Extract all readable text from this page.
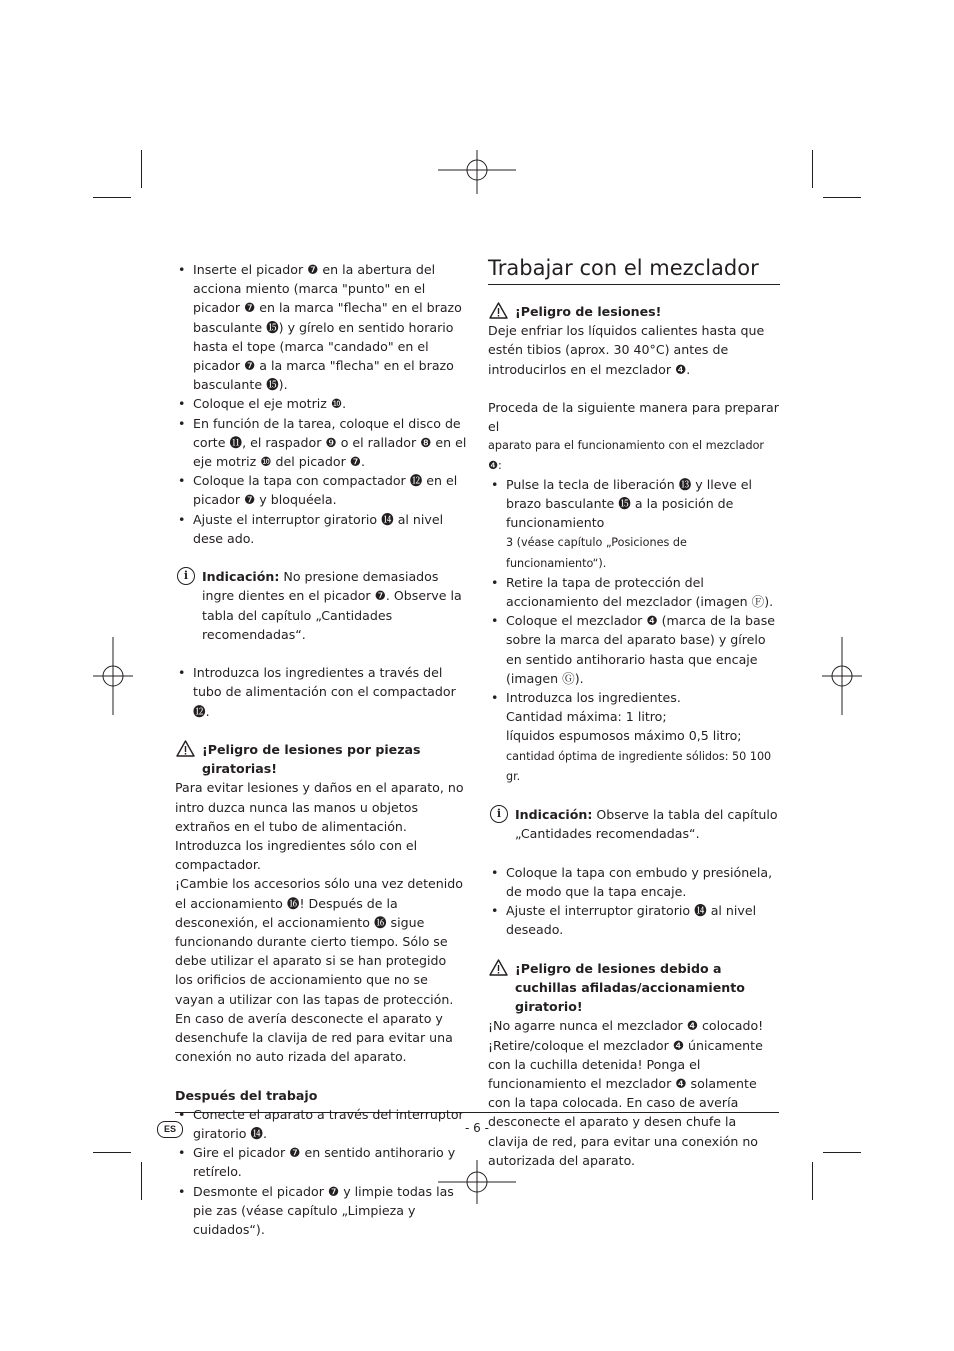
• Inserte el picador ❼ en la abertura del acciona miento (marca "punto" en el picador ❼ en la marca "flecha" en el brazo basculante ⓯) y gírelo en sentido horario hasta el tope (marca "candado" en el picador ❼ a la marca "flecha" en el brazo basculante ⓯).
• Coloque el eje motriz ❿.
• En función de la tarea, coloque el disco de corte ⓫, el raspador ❾ o el rallador ❽ en el eje motriz ❿ del picador ❼.
• Coloque la tapa con compactador ⓬ en el picador ❼ y bloquéela.
• Ajuste el interruptor giratorio ⓮ al nivel dese ado.
i	Indicación: No presione demasiados ingre dientes en el picador ❼. Observe la tabla del capítulo „Cantidades recomendadas“.
• Introduzca los ingredientes a través del tubo de alimentación con el compactador ⓬.
¡Peligro de lesiones por piezas giratorias!

Para evitar lesiones y daños en el aparato, no intro duzca nunca las manos u objetos extraños en el tubo de alimentación. Introduzca los ingredientes sólo con el compactador.

¡Cambie los accesorios sólo una vez detenido el accionamiento ⓰! Después de la desconexión, el accionamiento ⓰ sigue funcionando durante cierto tiempo. Sólo se debe utilizar el aparato si se han protegido los orificios de accionamiento que no se vayan a utilizar con las tapas de protección. En caso de avería desconecte el aparato y desenchufe la clavija de red para evitar una conexión no auto rizada del aparato.

Después del trabajo

• Conecte el aparato a través del interruptor giratorio ⓮.
• Gire el picador ❼ en sentido antihorario y retírelo.
• Desmonte el picador ❼ y limpie todas las pie zas (véase capítulo „Limpieza y cuidados“).
Trabajar con el mezclador
¡Peligro de lesiones!

Deje enfriar los líquidos calientes hasta que estén tibios (aprox. 30 40°C) antes de introducirlos en el mezclador ❹.

Proceda de la siguiente manera para preparar el

aparato para el funcionamiento con el mezclador ❹:

• Pulse la tecla de liberación ⓭ y lleve el brazo basculante ⓯ a la posición de funcionamiento
3 (véase capítulo „Posiciones de funcionamiento“).
• Retire la tapa de protección del accionamiento del mezclador (imagen Ⓕ).
• Coloque el mezclador ❹ (marca de la base sobre la marca del aparato base) y gírelo en sentido antihorario hasta que encaje (imagen Ⓖ).
• Introduzca los ingredientes.
Cantidad máxima: 1 litro;
líquidos espumosos máximo 0,5 litro;
cantidad óptima de ingrediente sólidos: 50 100 gr.
i	Indicación: Observe la tabla del capítulo „Cantidades recomendadas“.
• Coloque la tapa con embudo y presiónela, de modo que la tapa encaje.
• Ajuste el interruptor giratorio ⓮ al nivel deseado.
¡Peligro de lesiones debido a cuchillas afiladas/accionamiento giratorio!

¡No agarre nunca el mezclador ❹ colocado! ¡Retire/coloque el mezclador ❹ únicamente con la cuchilla detenida! Ponga el funcionamiento el mezclador ❹ solamente con la tapa colocada. En caso de avería desconecte el aparato y desen chufe la clavija de red, para evitar una conexión no autorizada del aparato.

ES	- 6 -
